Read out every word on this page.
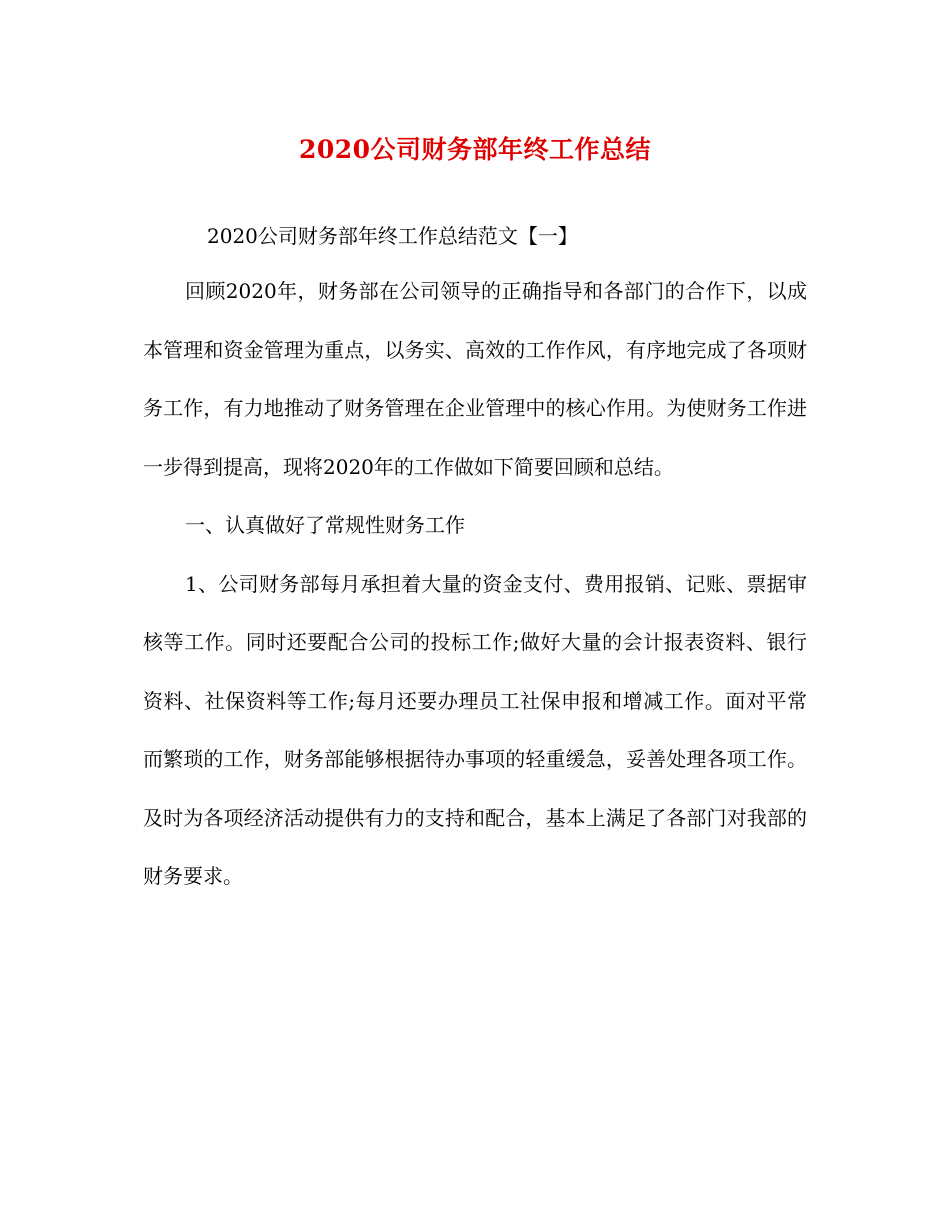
2020公司财务部年终工作总结

2020公司财务部年终工作总结范文【一】

回顾2020年，财务部在公司领导的正确指导和各部门的合作下，以成本管理和资金管理为重点，以务实、高效的工作作风，有序地完成了各项财务工作，有力地推动了财务管理在企业管理中的核心作用。为使财务工作进一步得到提高，现将2020年的工作做如下简要回顾和总结。

一、认真做好了常规性财务工作

1、公司财务部每月承担着大量的资金支付、费用报销、记账、票据审核等工作。同时还要配合公司的投标工作;做好大量的会计报表资料、银行资料、社保资料等工作;每月还要办理员工社保申报和增减工作。面对平常而繁琐的工作，财务部能够根据待办事项的轻重缓急，妥善处理各项工作。及时为各项经济活动提供有力的支持和配合，基本上满足了各部门对我部的财务要求。
